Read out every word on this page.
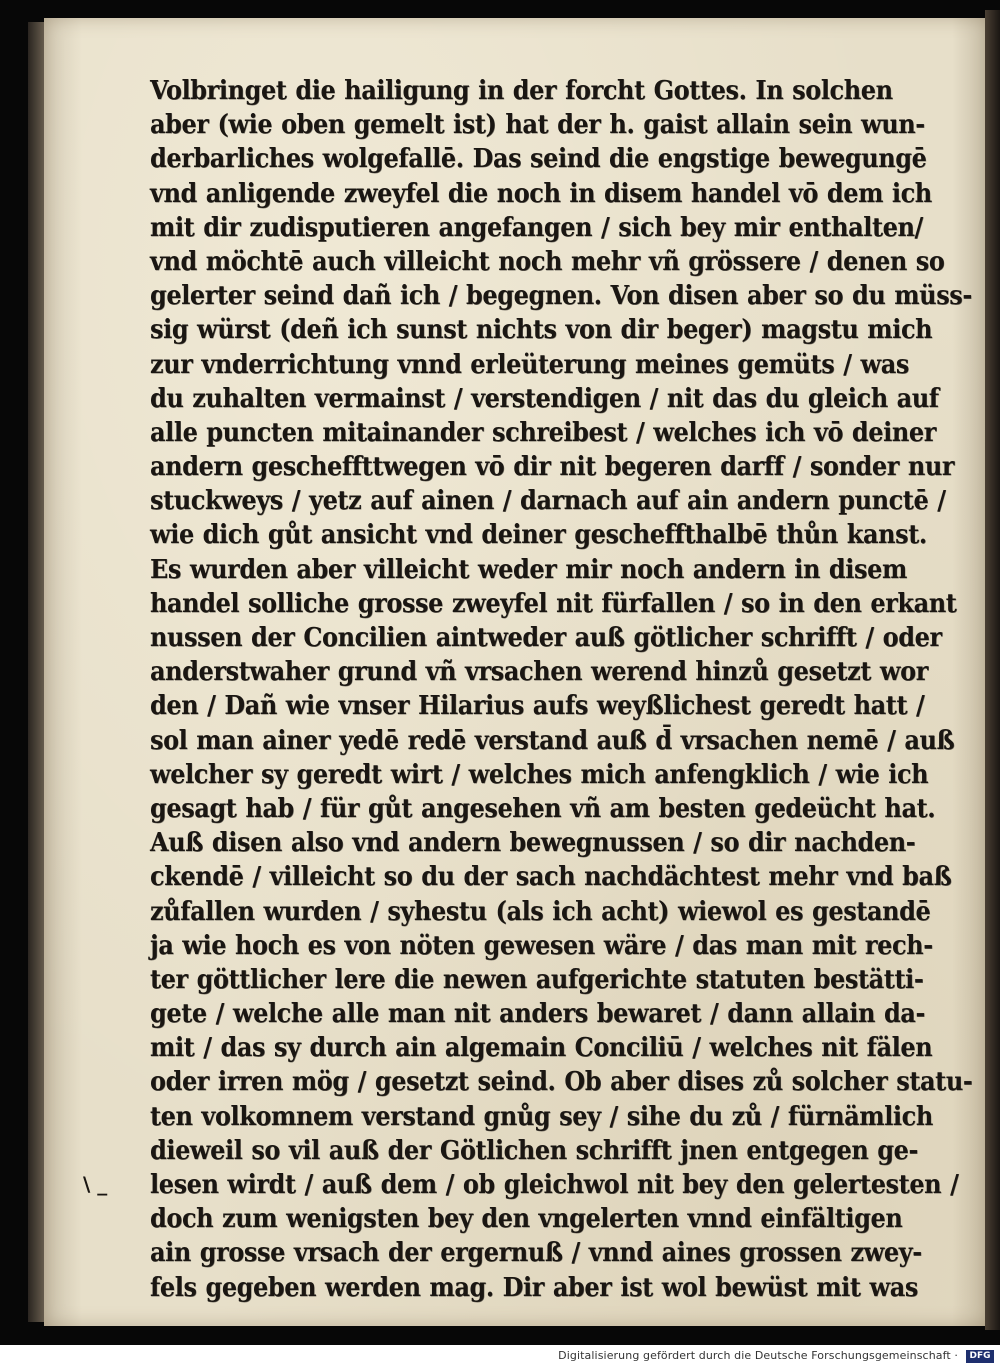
Volbringet die hailigung in der forcht Gottes. In solchen
aber (wie oben gemelt ist) hat der h. gaist allain sein wun-
derbarliches wolgefallē. Das seind die engstige bewegungē
vnd anligende zweyfel die noch in disem handel vō dem ich
mit dir zudisputieren angefangen / sich bey mir enthalten/
vnd möchtē auch villeicht noch mehr vñ grössere / denen so
gelerter seind dañ ich / begegnen. Von disen aber so du müss-
sig würst (deñ ich sunst nichts von dir beger) magstu mich
zur vnderrichtung vnnd erleüterung meines gemüts / was
du zuhalten vermainst / verstendigen / nit das du gleich auf
alle puncten mitainander schreibest / welches ich vō deiner
andern gescheffttwegen vō dir nit begeren darff / sonder nur
stuckweys / yetz auf ainen / darnach auf ain andern punctē /
wie dich gůt ansicht vnd deiner gescheffthalbē thůn kanst.
Es wurden aber villeicht weder mir noch andern in disem
handel solliche grosse zweyfel nit fürfallen / so in den erkant
nussen der Concilien aintweder auß götlicher schrifft / oder
anderstwaher grund vñ vrsachen werend hinzů gesetzt wor
den / Dañ wie vnser Hilarius aufs weyßlichest geredt hatt /
sol man ainer yedē redē verstand auß d̄ vrsachen nemē / auß
welcher sy geredt wirt / welches mich anfengklich / wie ich
gesagt hab / für gůt angesehen vñ am besten gedeücht hat.
Auß disen also vnd andern bewegnussen / so dir nachden-
ckendē / villeicht so du der sach nachdächtest mehr vnd baß
zůfallen wurden / syhestu (als ich acht) wiewol es gestandē
ja wie hoch es von nöten gewesen wäre / das man mit rech-
ter göttlicher lere die newen aufgerichte statuten bestätti-
gete / welche alle man nit anders bewaret / dann allain da-
mit / das sy durch ain algemain Conciliū / welches nit fälen
oder irren mög / gesetzt seind. Ob aber dises zů solcher statu-
ten volkomnem verstand gnůg sey / sihe du zů / fürnämlich
dieweil so vil auß der Götlichen schrifft jnen entgegen ge-
lesen wirdt / auß dem / ob gleichwol nit bey den gelertesten /
doch zum wenigsten bey den vngelerten vnnd einfältigen
ain grosse vrsach der ergernuß / vnnd aines grossen zwey-
fels gegeben werden mag. Dir aber ist wol bewüst mit was
\ _
Digitalisierung gefördert durch die Deutsche Forschungsgemeinschaft ·	DFG
